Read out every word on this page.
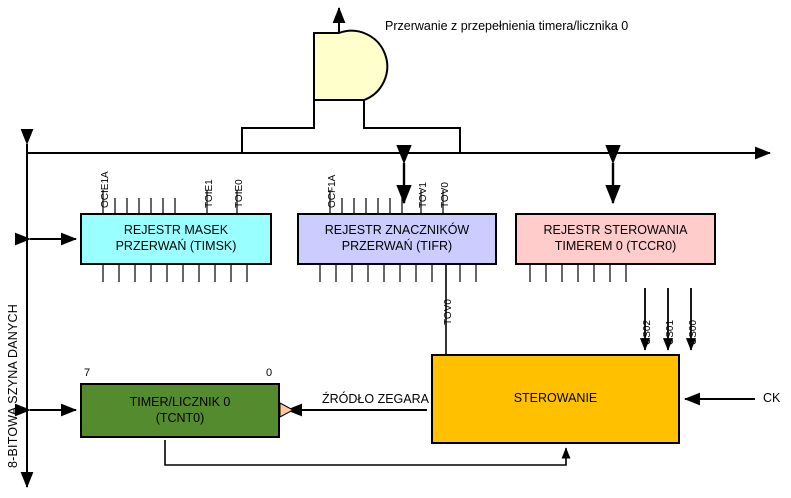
Przerwanie z przepełnienia timera/licznika 0
8-BITOWA SZYNA DANYCH
REJESTR MASEK
PRZERWAŃ (TIMSK)
REJESTR ZNACZNIKÓW
PRZERWAŃ (TIFR)
REJESTR STEROWANIA
TIMEREM 0 (TCCR0)
STEROWANIE
TIMER/LICZNIK 0
(TCNT0)
7	0
OCIE1A	TOIE1 TOIE0	OCF1A	TOV1 TOV0
TOV0
CS02 CS01 CS00
CK
ŹRÓDŁO ZEGARA
